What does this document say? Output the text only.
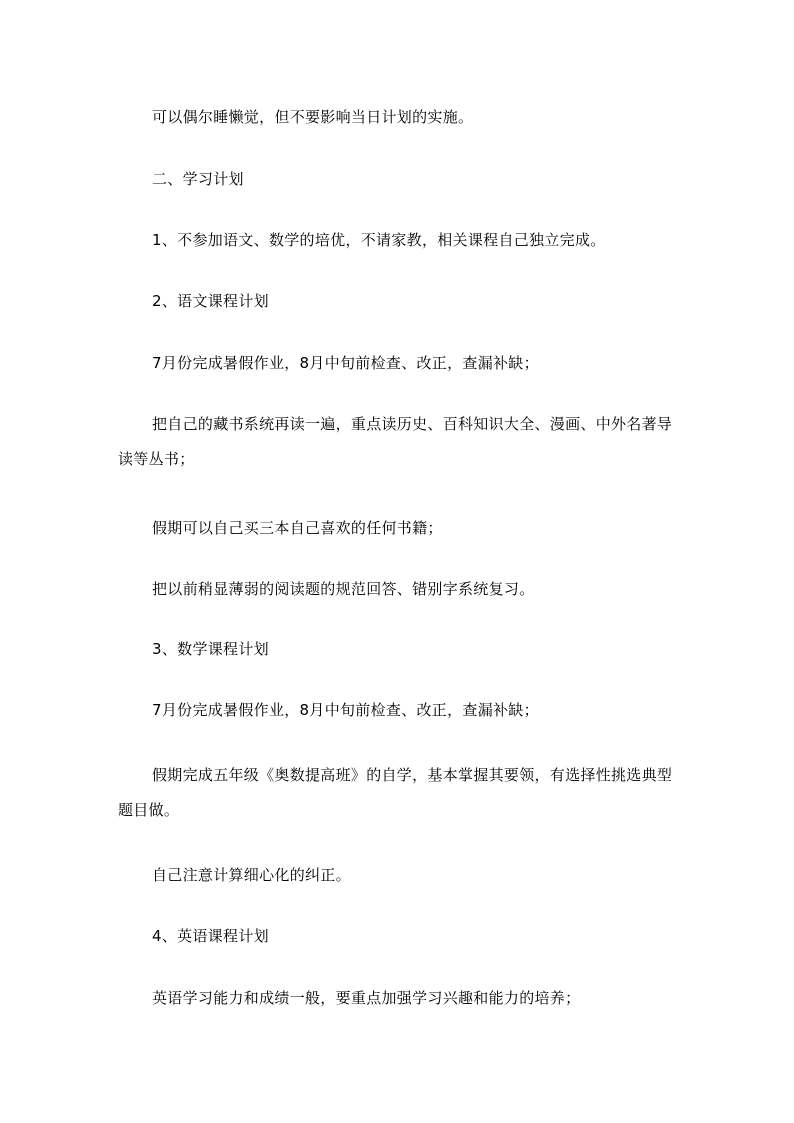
可以偶尔睡懒觉，但不要影响当日计划的实施。

二、学习计划

1、不参加语文、数学的培优，不请家教，相关课程自己独立完成。

2、语文课程计划

7月份完成暑假作业，8月中旬前检查、改正，查漏补缺；

把自己的藏书系统再读一遍，重点读历史、百科知识大全、漫画、中外名著导读等丛书；

假期可以自己买三本自己喜欢的任何书籍；

把以前稍显薄弱的阅读题的规范回答、错别字系统复习。

3、数学课程计划

7月份完成暑假作业，8月中旬前检查、改正，查漏补缺；

假期完成五年级《奥数提高班》的自学，基本掌握其要领，有选择性挑选典型题目做。

自己注意计算细心化的纠正。

4、英语课程计划

英语学习能力和成绩一般，要重点加强学习兴趣和能力的培养；
